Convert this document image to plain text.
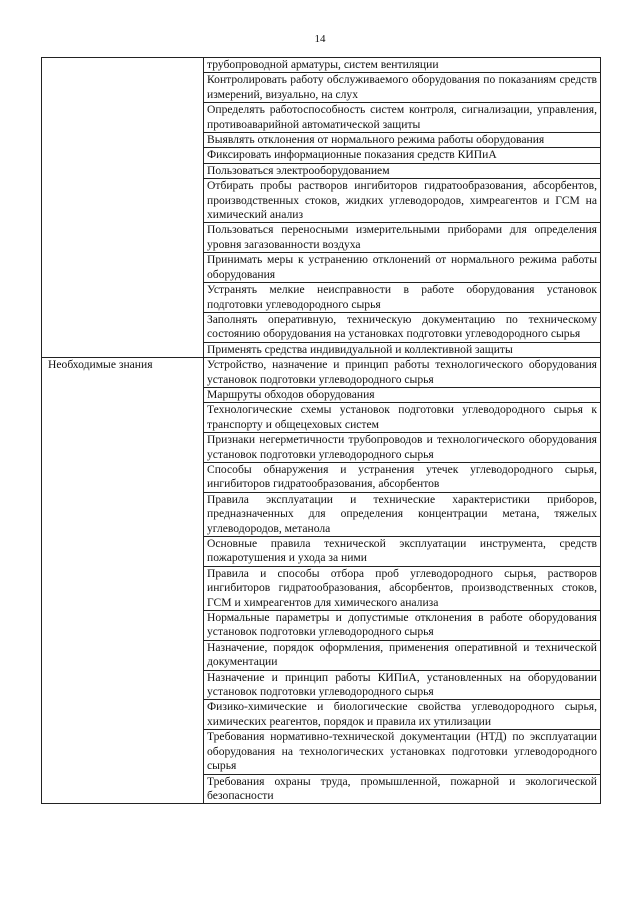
14
	трубопроводной арматуры, систем вентиляции
	Контролировать работу обслуживаемого оборудования по показаниям средств измерений, визуально, на слух
	Определять работоспособность систем контроля, сигнализации, управления, противоаварийной автоматической защиты
	Выявлять отклонения от нормального режима работы оборудования
	Фиксировать информационные показания средств КИПиА
	Пользоваться электрооборудованием
	Отбирать пробы растворов ингибиторов гидратообразования, абсорбентов, производственных стоков, жидких углеводородов, химреагентов и ГСМ на химический анализ
	Пользоваться переносными измерительными приборами для определения уровня загазованности воздуха
	Принимать меры к устранению отклонений от нормального режима работы оборудования
	Устранять мелкие неисправности в работе оборудования установок подготовки углеводородного сырья
	Заполнять оперативную, техническую документацию по техническому состоянию оборудования на установках подготовки углеводородного сырья
	Применять средства индивидуальной и коллективной защиты
Необходимые знания	Устройство, назначение и принцип работы технологического оборудования установок подготовки углеводородного сырья
	Маршруты обходов оборудования
	Технологические схемы установок подготовки углеводородного сырья к транспорту и общецеховых систем
	Признаки негерметичности трубопроводов и технологического оборудования установок подготовки углеводородного сырья
	Способы обнаружения и устранения утечек углеводородного сырья, ингибиторов гидратообразования, абсорбентов
	Правила эксплуатации и технические характеристики приборов, предназначенных для определения концентрации метана, тяжелых углеводородов, метанола
	Основные правила технической эксплуатации инструмента, средств пожаротушения и ухода за ними
	Правила и способы отбора проб углеводородного сырья, растворов ингибиторов гидратообразования, абсорбентов, производственных стоков, ГСМ и химреагентов для химического анализа
	Нормальные параметры и допустимые отклонения в работе оборудования установок подготовки углеводородного сырья
	Назначение, порядок оформления, применения оперативной и технической документации
	Назначение и принцип работы КИПиА, установленных на оборудовании установок подготовки углеводородного сырья
	Физико-химические и биологические свойства углеводородного сырья, химических реагентов, порядок и правила их утилизации
	Требования нормативно-технической документации (НТД) по эксплуатации оборудования на технологических установках подготовки углеводородного сырья
	Требования охраны труда, промышленной, пожарной и экологической безопасности
